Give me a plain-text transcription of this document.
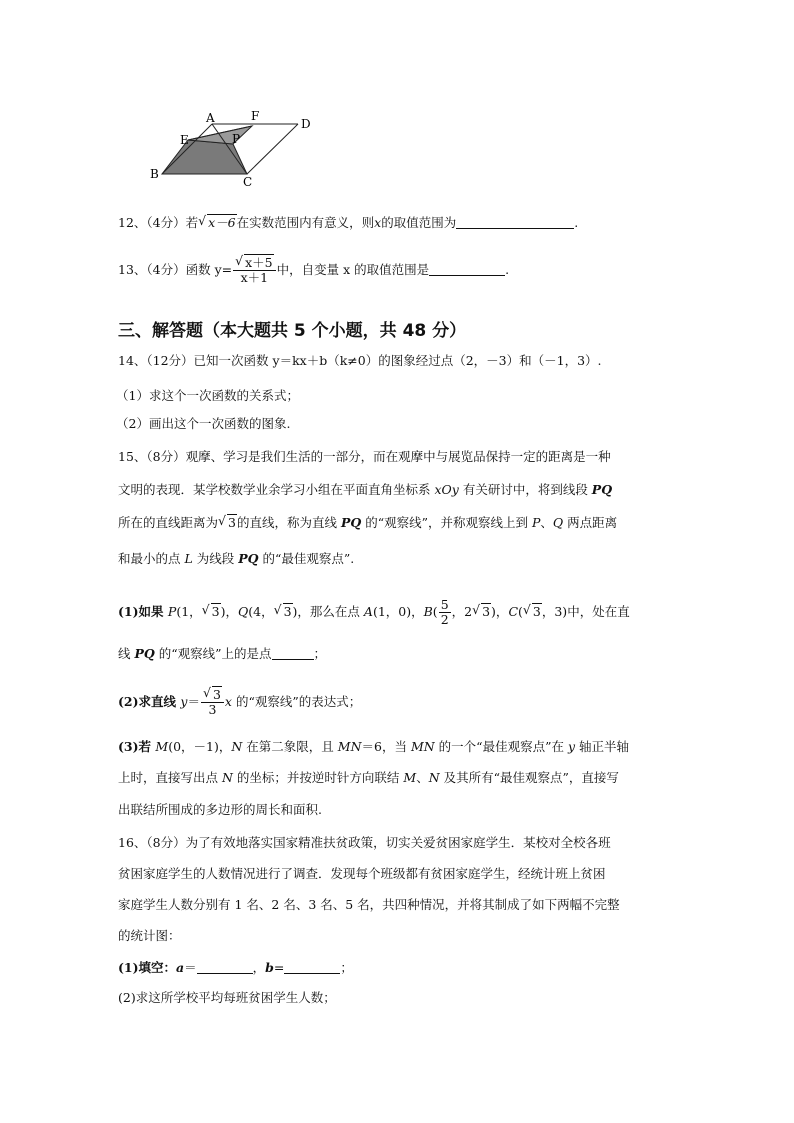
A	F
D
E	P
B
C
12、（4分）若 √ x－6在实数范围内有意义，则x的取值范围为	.
13、（4分）函数 y= √ $\frac{x+5}{x+1}$ 中，自变量 x 的取值范围是	.
三、解答题（本大题共 5 个小题，共 48 分）
14、（12分）已知一次函数 y＝kx＋b（k≠0）的图象经过点（2，－3）和（－1，3）.
（1）求这个一次函数的关系式；
（2）画出这个一次函数的图象.
15、（8分）观摩、学习是我们生活的一部分，而在观摩中与展览品保持一定的距离是一种
文明的表现．某学校数学业余学习小组在平面直角坐标系 xOy 有关研讨中，将到线段 PQ
所在的直线距离为 √ 3的直线，称为直线 PQ 的“观察线”，并称观察线上到 P、Q 两点距离
和最小的点 L 为线段 PQ 的“最佳观察点”.
(1)如果 P(1， √ 3)，Q(4， √ 3)，那么在点 A(1，0)，$B( \frac{5}{2}$ ，2 √ 3)，C( √ 3，3)中，处在直
线 PQ 的“观察线”上的是点	；
(2)求直线 y＝ √ $\frac{3}{3}$ x 的“观察线”的表达式；
(3)若 M(0，－1)，N 在第二象限，且 MN＝6，当 MN 的一个“最佳观察点”在 y 轴正半轴
上时，直接写出点 N 的坐标；并按逆时针方向联结 M、N 及其所有“最佳观察点”，直接写
出联结所围成的多边形的周长和面积.
16、（8分）为了有效地落实国家精准扶贫政策，切实关爱贫困家庭学生．某校对全校各班
贫困家庭学生的人数情况进行了调查．发现每个班级都有贫困家庭学生，经统计班上贫困
家庭学生人数分别有 1 名、2 名、3 名、5 名，共四种情况，并将其制成了如下两幅不完整
的统计图：
(1)填空：a＝	，b=	；
(2)求这所学校平均每班贫困学生人数；
